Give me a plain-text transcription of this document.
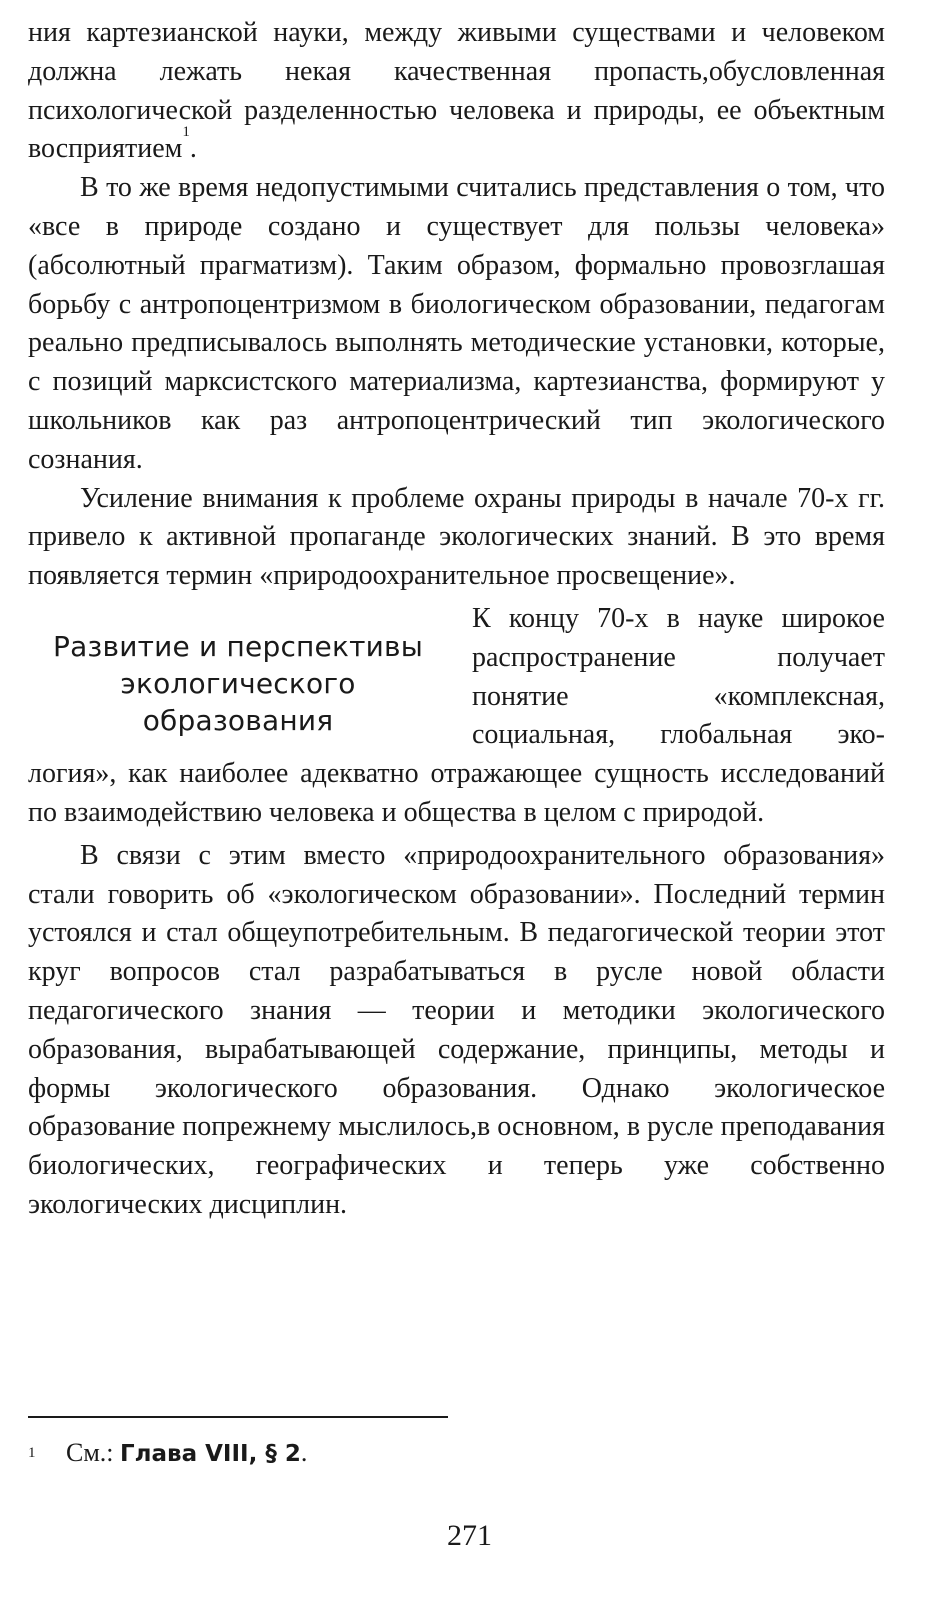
ния картезианской науки, между живыми существами и человеком должна лежать некая качественная пропасть,обусловленная психологической разделенностью человека и природы, ее объектным восприятием$^1$.

В то же время недопустимыми считались представления о том, что «все в природе создано и существует для пользы человека» (абсолютный прагматизм). Таким образом, формально провозглашая борьбу с антропоцентризмом в биологическом образовании, педагогам реально предписывалось выполнять методические установки, которые, с позиций марксистского материализма, картезианства, формируют у школьников как раз антропоцентрический тип экологического сознания.

Усиление внимания к проблеме охраны природы в начале 70-х гг. привело к активной пропаганде экологических знаний. В это время появляется термин «природоохранительное просвещение».

Развитие и перспективы
экологического
образования

К концу 70-х в науке широкое распространение получает понятие «комплексная, социальная, глобальная экология», как наиболее адекватно отражающее сущность исследований по взаимодействию человека и общества в целом с природой.

В связи с этим вместо «природоохранительного образования» стали говорить об «экологическом образовании». Последний термин устоялся и стал общеупотребительным. В педагогической теории этот круг вопросов стал разрабатываться в русле новой области педагогического знания — теории и методики экологического образования, вырабатывающей содержание, принципы, методы и формы экологического образования. Однако экологическое образование попрежнему мыслилось,в основном, в русле преподавания биологических, географических и теперь уже собственно экологических дисциплин.

1 См.: Глава VIII, § 2.
271
